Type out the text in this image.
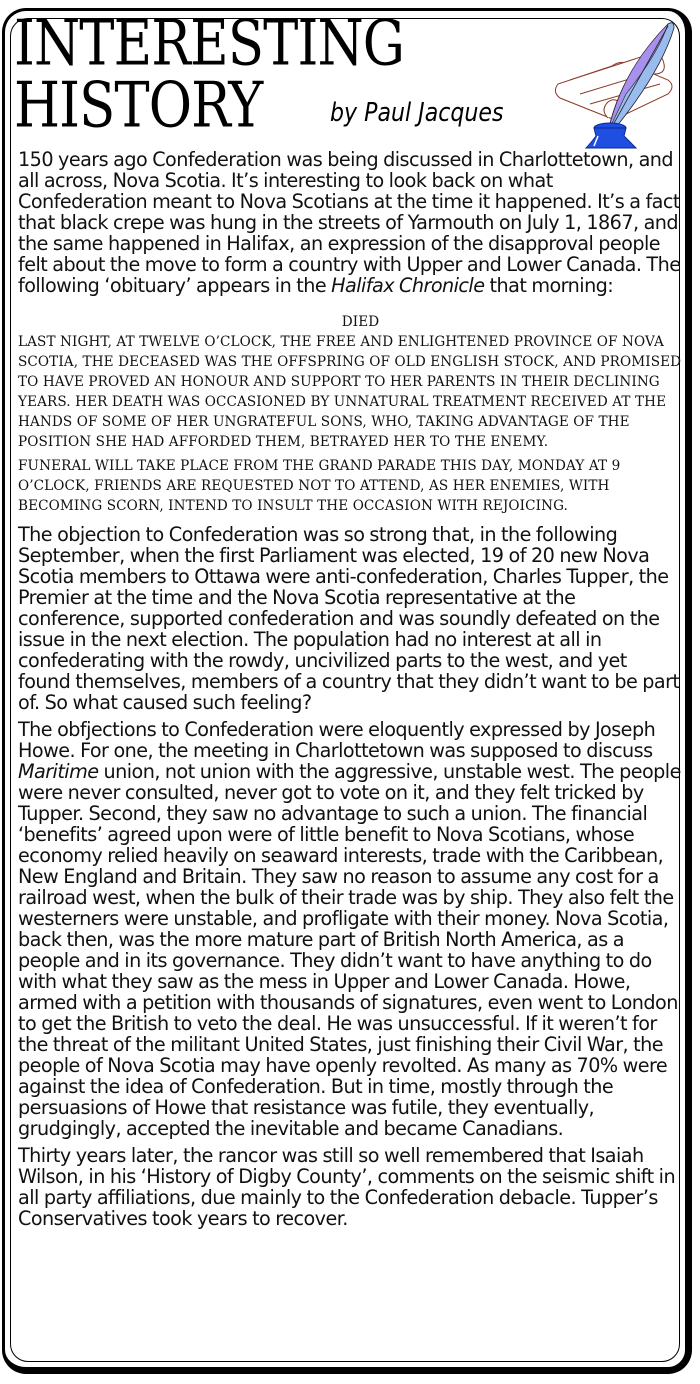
INTERESTING
HISTORY	by Paul Jacques

150 years ago Confederation was being discussed in Charlottetown, and all across, Nova Scotia. It’s interesting to look back on what Confederation meant to Nova Scotians at the time it happened. It’s a fact that black crepe was hung in the streets of Yarmouth on July 1, 1867, and the same happened in Halifax, an expression of the disapproval people felt about the move to form a country with Upper and Lower Canada. The following ‘obituary’ appears in the Halifax Chronicle that morning:

DIED

LAST NIGHT, AT TWELVE O’CLOCK, THE FREE AND ENLIGHTENED PROVINCE OF NOVA SCOTIA, THE DECEASED WAS THE OFFSPRING OF OLD ENGLISH STOCK, AND PROMISED TO HAVE PROVED AN HONOUR AND SUPPORT TO HER PARENTS IN THEIR DECLINING YEARS. HER DEATH WAS OCCASIONED BY UNNATURAL TREATMENT RECEIVED AT THE HANDS OF SOME OF HER UNGRATEFUL SONS, WHO, TAKING ADVANTAGE OF THE POSITION SHE HAD AFFORDED THEM, BETRAYED HER TO THE ENEMY.

FUNERAL WILL TAKE PLACE FROM THE GRAND PARADE THIS DAY, MONDAY AT 9 O’CLOCK, FRIENDS ARE REQUESTED NOT TO ATTEND, AS HER ENEMIES, WITH BECOMING SCORN, INTEND TO INSULT THE OCCASION WITH REJOICING.

The objection to Confederation was so strong that, in the following September, when the first Parliament was elected, 19 of 20 new Nova Scotia members to Ottawa were anti-confederation, Charles Tupper, the Premier at the time and the Nova Scotia representative at the conference, supported confederation and was soundly defeated on the issue in the next election. The population had no interest at all in confederating with the rowdy, uncivilized parts to the west, and yet found themselves, members of a country that they didn’t want to be part of. So what caused such feeling?

The obfjections to Confederation were eloquently expressed by Joseph Howe. For one, the meeting in Charlottetown was supposed to discuss Maritime union, not union with the aggressive, unstable west. The people were never consulted, never got to vote on it, and they felt tricked by Tupper. Second, they saw no advantage to such a union. The financial ‘benefits’ agreed upon were of little benefit to Nova Scotians, whose economy relied heavily on seaward interests, trade with the Caribbean, New England and Britain. They saw no reason to assume any cost for a railroad west, when the bulk of their trade was by ship. They also felt the westerners were unstable, and profligate with their money. Nova Scotia, back then, was the more mature part of British North America, as a people and in its governance. They didn’t want to have anything to do with what they saw as the mess in Upper and Lower Canada. Howe, armed with a petition with thousands of signatures, even went to London to get the British to veto the deal. He was unsuccessful. If it weren’t for the threat of the militant United States, just finishing their Civil War, the people of Nova Scotia may have openly revolted. As many as 70% were against the idea of Confederation. But in time, mostly through the persuasions of Howe that resistance was futile, they eventually, grudgingly, accepted the inevitable and became Canadians.

Thirty years later, the rancor was still so well remembered that Isaiah Wilson, in his ‘History of Digby County’, comments on the seismic shift in all party affiliations, due mainly to the Confederation debacle. Tupper’s Conservatives took years to recover.
